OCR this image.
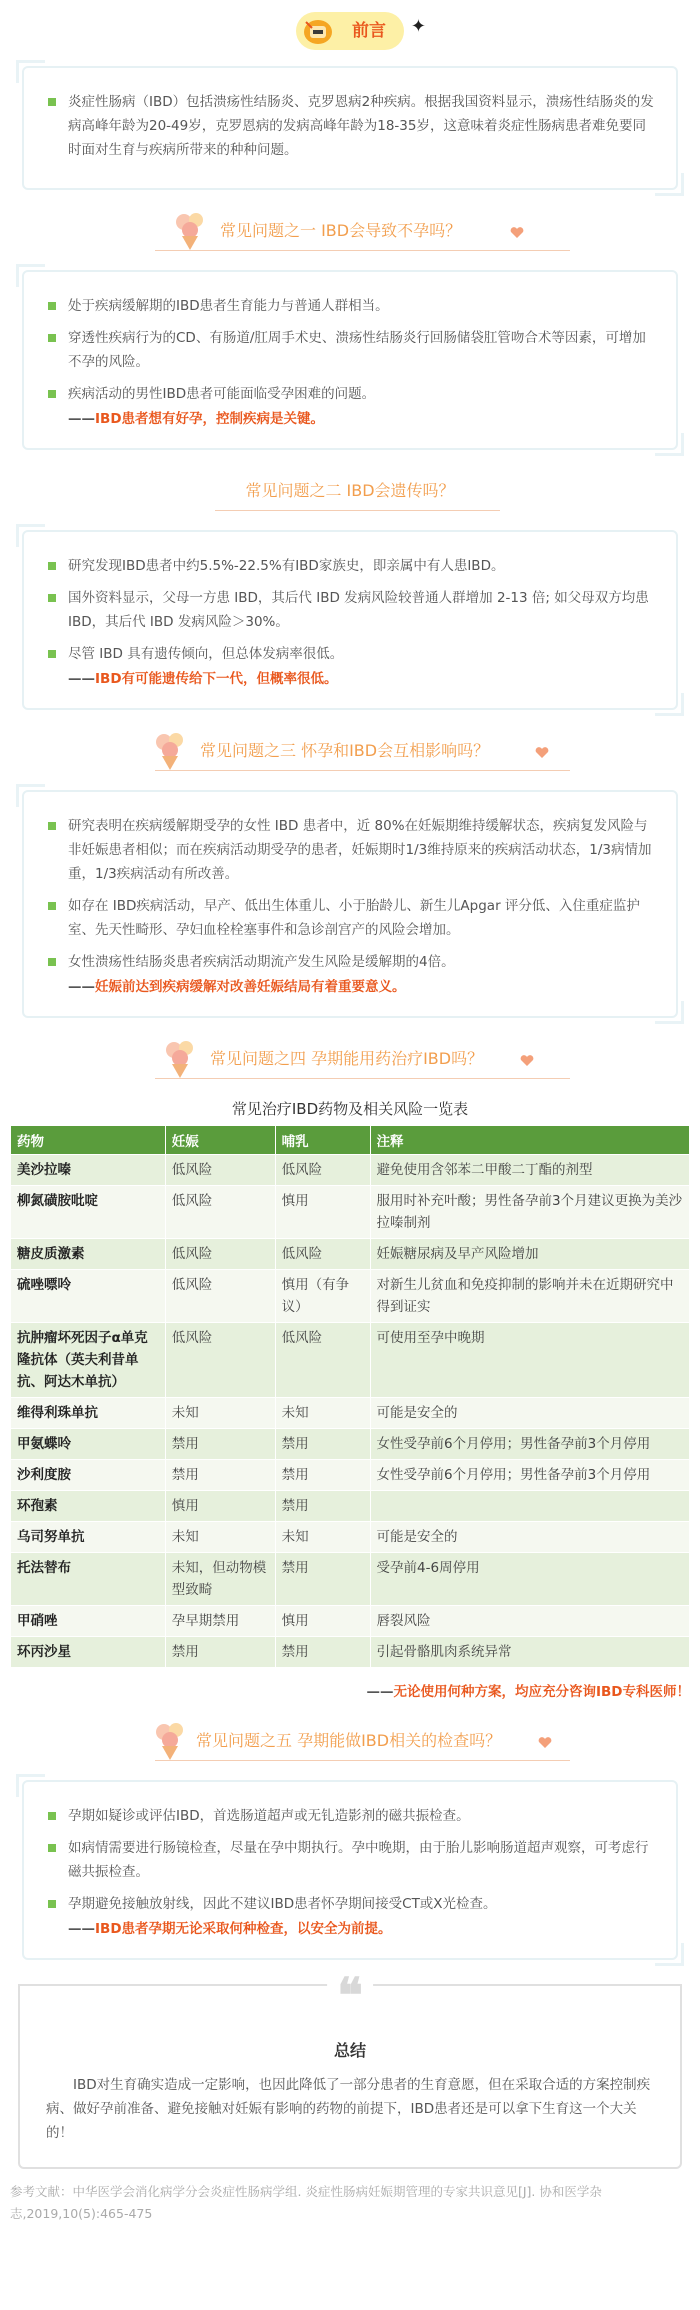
前言 ✦
炎症性肠病（IBD）包括溃疡性结肠炎、克罗恩病2种疾病。根据我国资料显示，溃疡性结肠炎的发病高峰年龄为20-49岁，克罗恩病的发病高峰年龄为18-35岁，这意味着炎症性肠病患者难免要同时面对生育与疾病所带来的种种问题。
常见问题之一 IBD会导致不孕吗？
处于疾病缓解期的IBD患者生育能力与普通人群相当。
穿透性疾病行为的CD、有肠道/肛周手术史、溃疡性结肠炎行回肠储袋肛管吻合术等因素，可增加不孕的风险。
疾病活动的男性IBD患者可能面临受孕困难的问题。
——IBD患者想有好孕，控制疾病是关键。
常见问题之二 IBD会遗传吗？
研究发现IBD患者中约5.5%-22.5%有IBD家族史，即亲属中有人患IBD。
国外资料显示，父母一方患 IBD，其后代 IBD 发病风险较普通人群增加 2-13 倍; 如父母双方均患IBD，其后代 IBD 发病风险＞30%。
尽管 IBD 具有遗传倾向，但总体发病率很低。
——IBD有可能遗传给下一代，但概率很低。
常见问题之三 怀孕和IBD会互相影响吗？
研究表明在疾病缓解期受孕的女性 IBD 患者中，近 80%在妊娠期维持缓解状态，疾病复发风险与非妊娠患者相似；而在疾病活动期受孕的患者，妊娠期时1/3维持原来的疾病活动状态，1/3病情加重，1/3疾病活动有所改善。
如存在 IBD疾病活动，早产、低出生体重儿、小于胎龄儿、新生儿Apgar 评分低、入住重症监护室、先天性畸形、孕妇血栓栓塞事件和急诊剖宫产的风险会增加。
女性溃疡性结肠炎患者疾病活动期流产发生风险是缓解期的4倍。
——妊娠前达到疾病缓解对改善妊娠结局有着重要意义。
常见问题之四 孕期能用药治疗IBD吗？
常见治疗IBD药物及相关风险一览表
药物	妊娠	哺乳	注释
美沙拉嗪	低风险	低风险	避免使用含邻苯二甲酸二丁酯的剂型
柳氮磺胺吡啶	低风险	慎用	服用时补充叶酸；男性备孕前3个月建议更换为美沙拉嗪制剂
糖皮质激素	低风险	低风险	妊娠糖尿病及早产风险增加
硫唑嘌呤	低风险	慎用（有争议）	对新生儿贫血和免疫抑制的影响并未在近期研究中得到证实
抗肿瘤坏死因子α单克隆抗体（英夫利昔单抗、阿达木单抗）	低风险	低风险	可使用至孕中晚期
维得利珠单抗	未知	未知	可能是安全的
甲氨蝶呤	禁用	禁用	女性受孕前6个月停用；男性备孕前3个月停用
沙利度胺	禁用	禁用	女性受孕前6个月停用；男性备孕前3个月停用
环孢素	慎用	禁用	
乌司努单抗	未知	未知	可能是安全的
托法替布	未知，但动物模型致畸	禁用	受孕前4-6周停用
甲硝唑	孕早期禁用	慎用	唇裂风险
环丙沙星	禁用	禁用	引起骨骼肌肉系统异常
——无论使用何种方案，均应充分咨询IBD专科医师！
常见问题之五 孕期能做IBD相关的检查吗？
孕期如疑诊或评估IBD，首选肠道超声或无钆造影剂的磁共振检查。
如病情需要进行肠镜检查，尽量在孕中期执行。孕中晚期，由于胎儿影响肠道超声观察，可考虑行磁共振检查。
孕期避免接触放射线，因此不建议IBD患者怀孕期间接受CT或X光检查。
——IBD患者孕期无论采取何种检查，以安全为前提。
❝
总结
IBD对生育确实造成一定影响，也因此降低了一部分患者的生育意愿，但在采取合适的方案控制疾病、做好孕前准备、避免接触对妊娠有影响的药物的前提下，IBD患者还是可以拿下生育这一个大关的！
参考文献：中华医学会消化病学分会炎症性肠病学组. 炎症性肠病妊娠期管理的专家共识意见[J]. 协和医学杂志,2019,10(5):465-475
